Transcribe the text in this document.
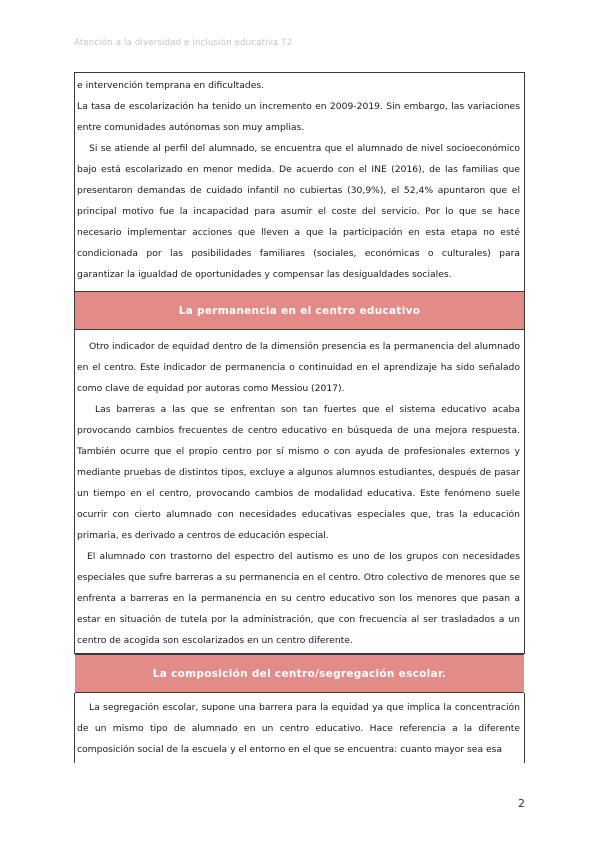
Atención a la diversidad e inclusión educativa T2
e intervención temprana en dificultades.
La tasa de escolarización ha tenido un incremento en 2009-2019. Sin embargo, las variaciones entre comunidades autónomas son muy amplias.
Si se atiende al perfil del alumnado, se encuentra que el alumnado de nivel socioeconómico bajo está escolarizado en menor medida. De acuerdo con el INE (2016), de las familias que presentaron demandas de cuidado infantil no cubiertas (30,9%), el 52,4% apuntaron que el principal motivo fue la incapacidad para asumir el coste del servicio. Por lo que se hace necesario implementar acciones que lleven a que la participación en esta etapa no esté condicionada por las posibilidades familiares (sociales, económicas o culturales) para garantizar la igualdad de oportunidades y compensar las desigualdades sociales.
La permanencia en el centro educativo
Otro indicador de equidad dentro de la dimensión presencia es la permanencia del alumnado en el centro. Este indicador de permanencia o continuidad en el aprendizaje ha sido señalado como clave de equidad por autoras como Messiou (2017).
Las barreras a las que se enfrentan son tan fuertes que el sistema educativo acaba provocando cambios frecuentes de centro educativo en búsqueda de una mejora respuesta. También ocurre que el propio centro por sí mismo o con ayuda de profesionales externos y mediante pruebas de distintos tipos, excluye a algunos alumnos estudiantes, después de pasar un tiempo en el centro, provocando cambios de modalidad educativa. Este fenómeno suele ocurrir con cierto alumnado con necesidades educativas especiales que, tras la educación primaria, es derivado a centros de educación especial.
El alumnado con trastorno del espectro del autismo es uno de los grupos con necesidades especiales que sufre barreras a su permanencia en el centro. Otro colectivo de menores que se enfrenta a barreras en la permanencia en su centro educativo son los menores que pasan a estar en situación de tutela por la administración, que con frecuencia al ser trasladados a un centro de acogida son escolarizados en un centro diferente.
La composición del centro/segregación escolar.
La segregación escolar, supone una barrera para la equidad ya que implica la concentración de un mismo tipo de alumnado en un centro educativo. Hace referencia a la diferente composición social de la escuela y el entorno en el que se encuentra: cuanto mayor sea esa
2
